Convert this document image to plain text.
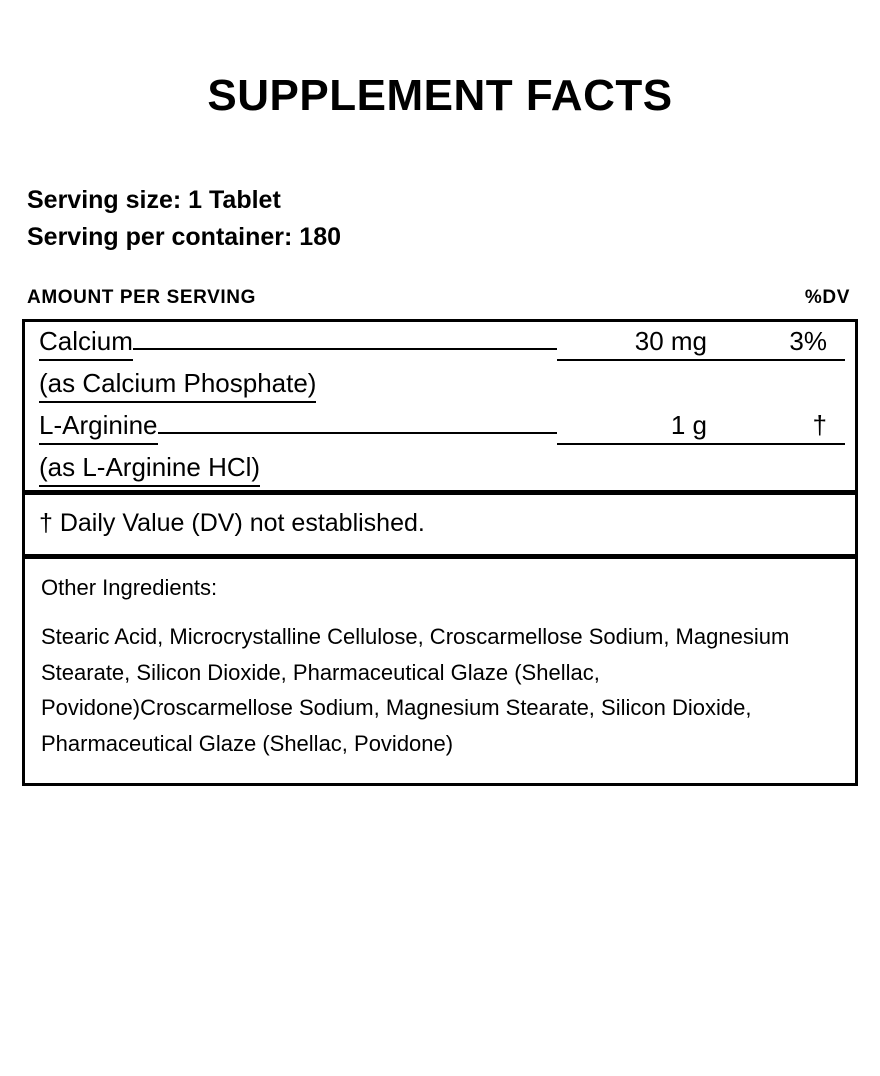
SUPPLEMENT FACTS
Serving size: 1 Tablet
Serving per container: 180
AMOUNT PER SERVING	%DV
Calcium	30 mg	3%
(as Calcium Phosphate)
L-Arginine	1 g	†
(as L-Arginine HCl)
† Daily Value (DV) not established.
Other Ingredients:
Stearic Acid, Microcrystalline Cellulose, Croscarmellose Sodium, Magnesium Stearate, Silicon Dioxide, Pharmaceutical Glaze (Shellac, Povidone)Croscarmellose Sodium, Magnesium Stearate, Silicon Dioxide, Pharmaceutical Glaze (Shellac, Povidone)
